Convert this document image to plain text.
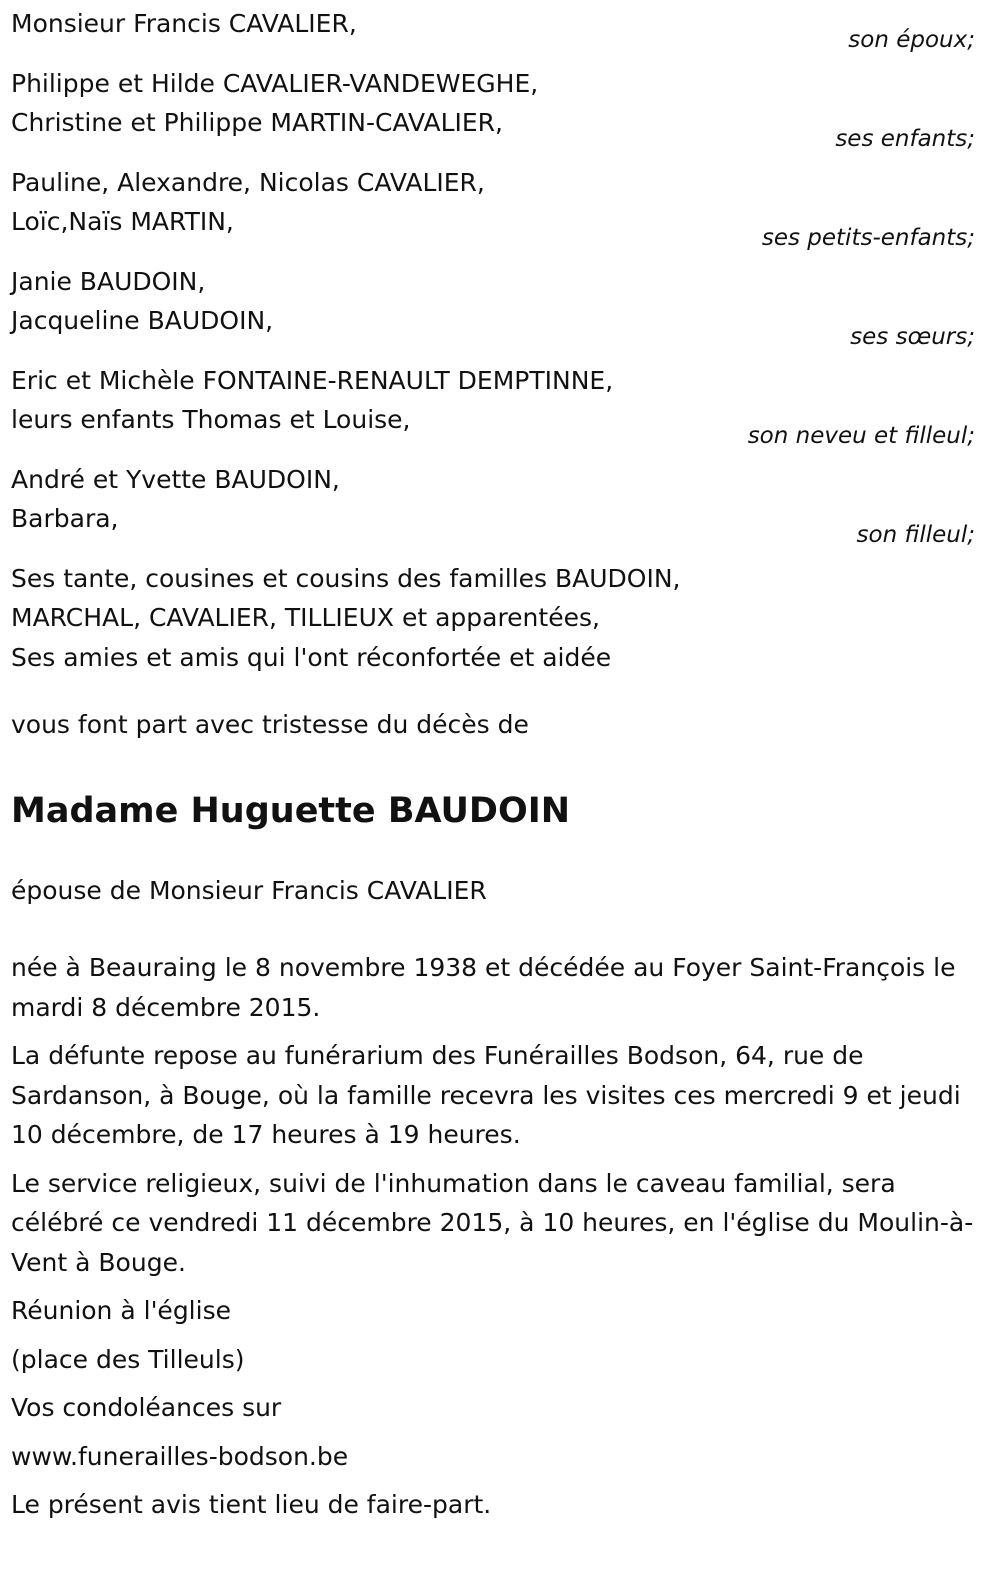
Monsieur Francis CAVALIER,
son époux;
Philippe et Hilde CAVALIER-VANDEWEGHE,
Christine et Philippe MARTIN-CAVALIER,
ses enfants;
Pauline, Alexandre, Nicolas CAVALIER,
Loïc,Naïs MARTIN,
ses petits-enfants;
Janie BAUDOIN,
Jacqueline BAUDOIN,
ses sœurs;
Eric et Michèle FONTAINE-RENAULT DEMPTINNE,
leurs enfants Thomas et Louise,
son neveu et filleul;
André et Yvette BAUDOIN,
Barbara,
son filleul;
Ses tante, cousines et cousins des familles BAUDOIN,
MARCHAL, CAVALIER, TILLIEUX et apparentées,
Ses amies et amis qui l'ont réconfortée et aidée
vous font part avec tristesse du décès de
Madame Huguette BAUDOIN
épouse de Monsieur Francis CAVALIER
née à Beauraing le 8 novembre 1938 et décédée au Foyer Saint-François le mardi 8 décembre 2015.
La défunte repose au funérarium des Funérailles Bodson, 64, rue de Sardanson, à Bouge, où la famille recevra les visites ces mercredi 9 et jeudi 10 décembre, de 17 heures à 19 heures.
Le service religieux, suivi de l'inhumation dans le caveau familial, sera célébré ce vendredi 11 décembre 2015, à 10 heures, en l'église du Moulin-à-Vent à Bouge.
Réunion à l'église
(place des Tilleuls)
Vos condoléances sur
www.funerailles-bodson.be
Le présent avis tient lieu de faire-part.
